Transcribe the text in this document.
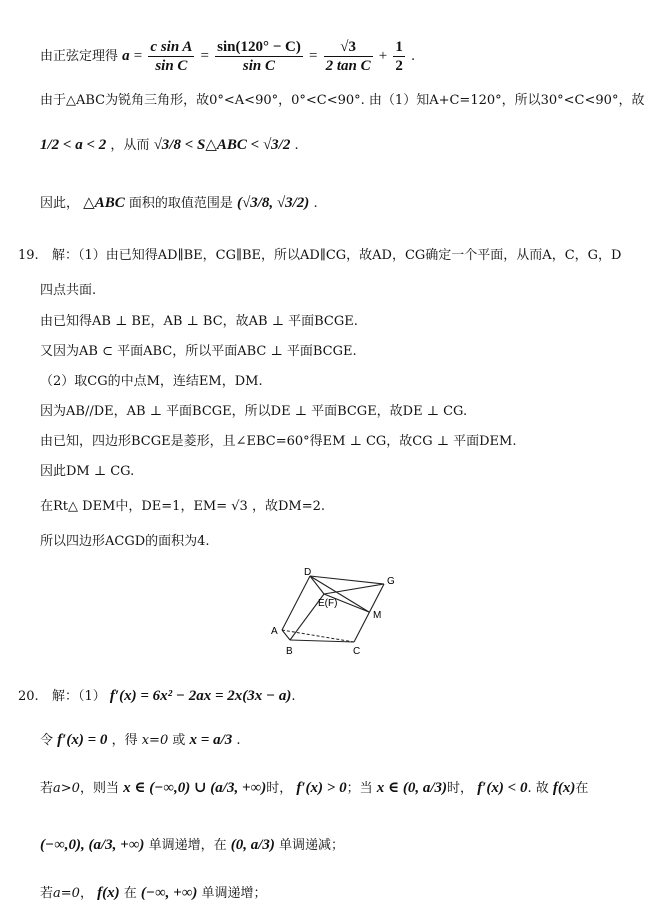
由正弦定理得 $a = \frac{\text{c sin A}}{\text{sin C}} = \frac{\sin(120^\circ - C)}{\text{sin C}} = \frac{√3}{\text{2 tan C}} + \frac{1}{2}$ .
由于△ABC为锐角三角形，故0°<A<90°，0°<C<90°. 由（1）知A+C=120°，所以30°<C<90°，故
1/2 < a < 2 ，从而 √3/8 < S△ABC < √3/2 .
因此， △ABC 面积的取值范围是 (√3/8, √3/2) .
19. 解：（1）由已知得AD∥BE，CG∥BE，所以AD∥CG，故AD，CG确定一个平面，从而A，C，G，D
四点共面.
由已知得AB ⊥ BE，AB ⊥ BC，故AB ⊥ 平面BCGE.
又因为AB ⊂ 平面ABC，所以平面ABC ⊥ 平面BCGE.
（2）取CG的中点M，连结EM，DM.
因为AB//DE，AB ⊥ 平面BCGE，所以DE ⊥ 平面BCGE，故DE ⊥ CG.
由已知，四边形BCGE是菱形，且∠EBC=60°得EM ⊥ CG，故CG ⊥ 平面DEM.
因此DM ⊥ CG.
在Rt△ DEM中，DE=1，EM= √3 ，故DM=2.
所以四边形ACGD的面积为4.
D
G
E(F)
M
A
B	C
20. 解：（1） f′(x) = 6x² − 2ax = 2x(3x − a).
令 f′(x) = 0 ，得 x=0 或 x = a/3 .
若a>0，则当 x ∈ (−∞,0) ∪ (a/3, +∞)时， f′(x) > 0；当 x ∈ (0, a/3)时， f′(x) < 0. 故 f(x)在
(−∞,0), (a/3, +∞) 单调递增，在 (0, a/3) 单调递减；
若a=0， f(x) 在 (−∞, +∞) 单调递增；
